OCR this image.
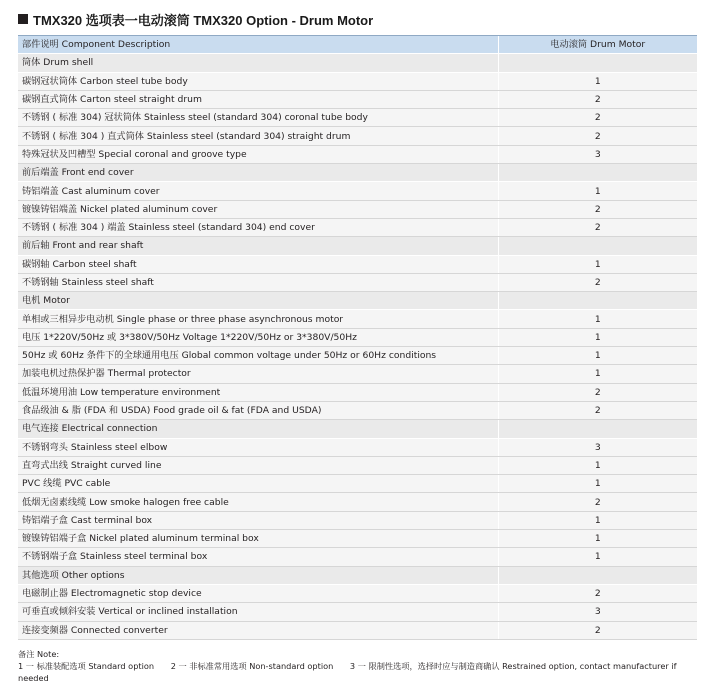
TMX320 选项表一电动滚筒 TMX320 Option - Drum Motor
部件说明 Component Description	电动滚筒 Drum Motor
筒体 Drum shell	
碳钢冠状筒体 Carbon steel tube body	1
碳钢直式筒体 Carton steel straight drum	2
不锈钢 ( 标准 304) 冠状筒体 Stainless steel (standard 304) coronal tube body	2
不锈钢 ( 标准 304 ) 直式筒体 Stainless steel (standard 304) straight drum	2
特殊冠状及凹槽型 Special coronal and groove type	3
前后端盖 Front end cover	
铸铝端盖 Cast aluminum cover	1
镀镍铸铝端盖 Nickel plated aluminum cover	2
不锈钢 ( 标准 304 ) 端盖 Stainless steel (standard 304) end cover	2
前后轴 Front and rear shaft	
碳钢轴 Carbon steel shaft	1
不锈钢轴 Stainless steel shaft	2
电机 Motor	
单相或三相异步电动机 Single phase or three phase asynchronous motor	1
电压 1*220V/50Hz 或 3*380V/50Hz Voltage 1*220V/50Hz or 3*380V/50Hz	1
50Hz 或 60Hz 条件下的全球通用电压 Global common voltage under 50Hz or 60Hz conditions	1
加装电机过热保护器 Thermal protector	1
低温环境用油 Low temperature environment	2
食品级油 & 脂 (FDA 和 USDA) Food grade oil & fat (FDA and USDA)	2
电气连接 Electrical connection	
不锈钢弯头 Stainless steel elbow	3
直弯式出线 Straight curved line	1
PVC 线缆 PVC cable	1
低烟无卤素线缆 Low smoke halogen free cable	2
铸铝端子盒 Cast terminal box	1
镀镍铸铝端子盒 Nickel plated aluminum terminal box	1
不锈钢端子盒 Stainless steel terminal box	1
其他选项 Other options	
电磁制止器 Electromagnetic stop device	2
可垂直或倾斜安装 Vertical or inclined installation	3
连接变频器 Connected converter	2
备注 Note:
1 一 标准装配选项 Standard option 2 一 非标准常用选项 Non-standard option 3 一 限制性选项，选择时应与制造商确认 Restrained option, contact manufacturer if needed
